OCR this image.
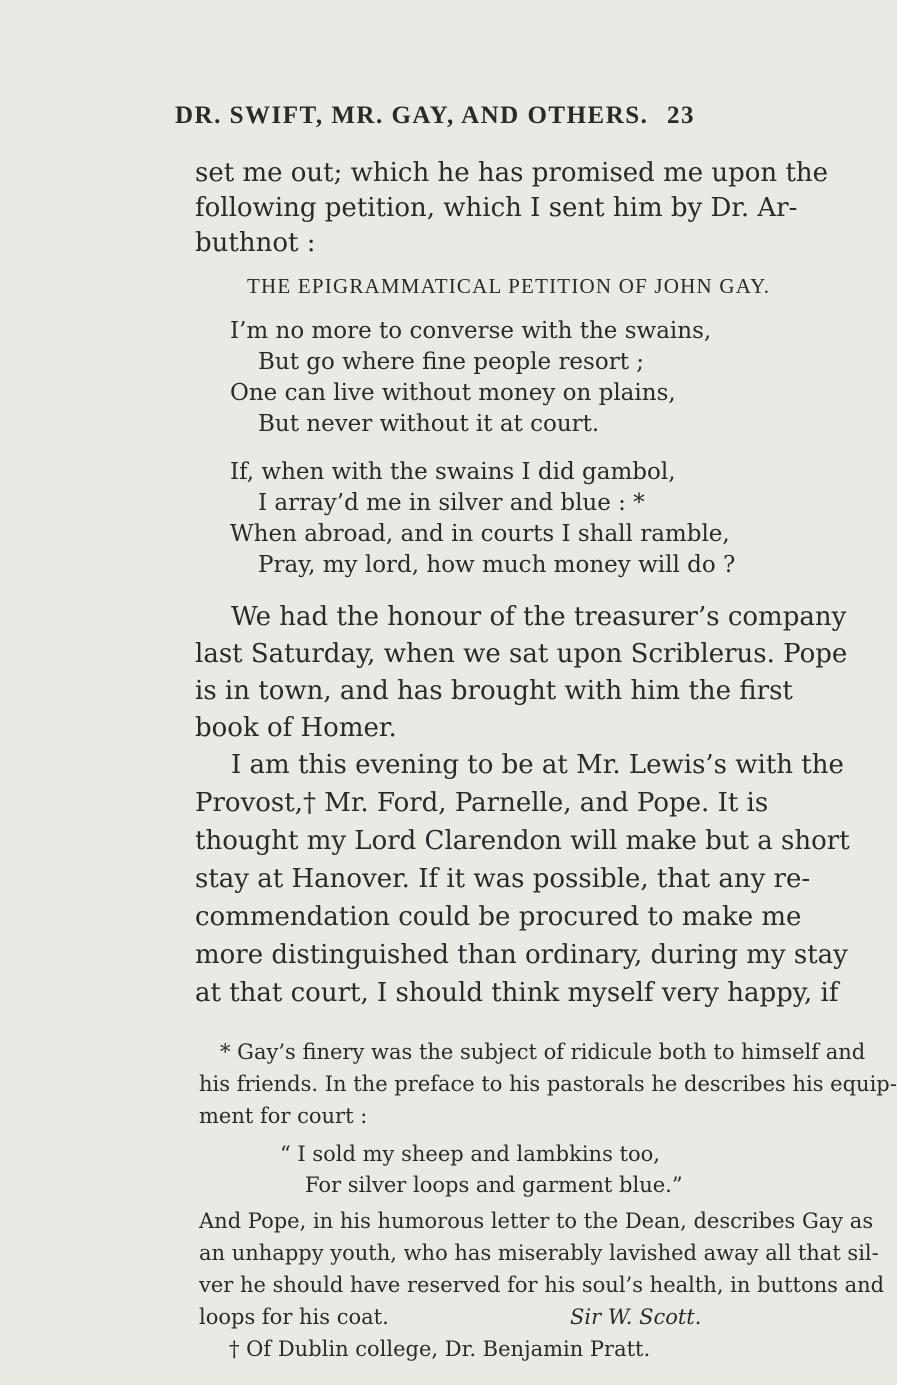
DR. SWIFT, MR. GAY, AND OTHERS. 23
set me out; which he has promised me upon the
following petition, which I sent him by Dr. Ar-
buthnot :
THE EPIGRAMMATICAL PETITION OF JOHN GAY.
I’m no more to converse with the swains,
But go where fine people resort ;
One can live without money on plains,
But never without it at court.
If, when with the swains I did gambol,
I array’d me in silver and blue : *
When abroad, and in courts I shall ramble,
Pray, my lord, how much money will do ?
We had the honour of the treasurer’s company
last Saturday, when we sat upon Scriblerus. Pope
is in town, and has brought with him the first
book of Homer.
I am this evening to be at Mr. Lewis’s with the
Provost,† Mr. Ford, Parnelle, and Pope. It is
thought my Lord Clarendon will make but a short
stay at Hanover. If it was possible, that any re-
commendation could be procured to make me
more distinguished than ordinary, during my stay
at that court, I should think myself very happy, if
* Gay’s finery was the subject of ridicule both to himself and
his friends. In the preface to his pastorals he describes his equip-
ment for court :
“ I sold my sheep and lambkins too,
For silver loops and garment blue.”
And Pope, in his humorous letter to the Dean, describes Gay as
an unhappy youth, who has miserably lavished away all that sil-
ver he should have reserved for his soul’s health, in buttons and
loops for his coat.	Sir W. Scott.
† Of Dublin college, Dr. Benjamin Pratt.
